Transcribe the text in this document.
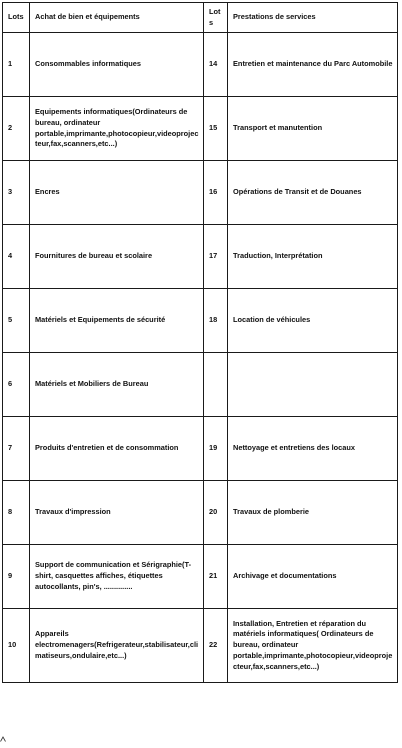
Lots	Achat de bien et équipements	Lots	Prestations de services
1	Consommables informatiques	14	Entretien et maintenance du Parc Automobile
2	Equipements informatiques(Ordinateurs de bureau, ordinateur portable,imprimante,photocopieur,videoprojecteur,fax,scanners,etc...)	15	Transport et manutention
3	Encres	16	Opérations de Transit et de Douanes
4	Fournitures de bureau et scolaire	17	Traduction, Interprétation
5	Matériels et Equipements de sécurité	18	Location de véhicules
6	Matériels et Mobiliers de Bureau		
7	Produits d'entretien et de consommation	19	Nettoyage et entretiens des locaux
8	Travaux d'impression	20	Travaux de plomberie
9	Support de communication et Sérigraphie(T-shirt, casquettes affiches, étiquettes autocollants, pin's, ..............	21	Archivage et documentations
10	Appareils electromenagers(Refrigerateur,stabilisateur,climatiseurs,ondulaire,etc...)	22	Installation, Entretien et réparation du matériels informatiques( Ordinateurs de bureau, ordinateur portable,imprimante,photocopieur,videoprojecteur,fax,scanners,etc...)
